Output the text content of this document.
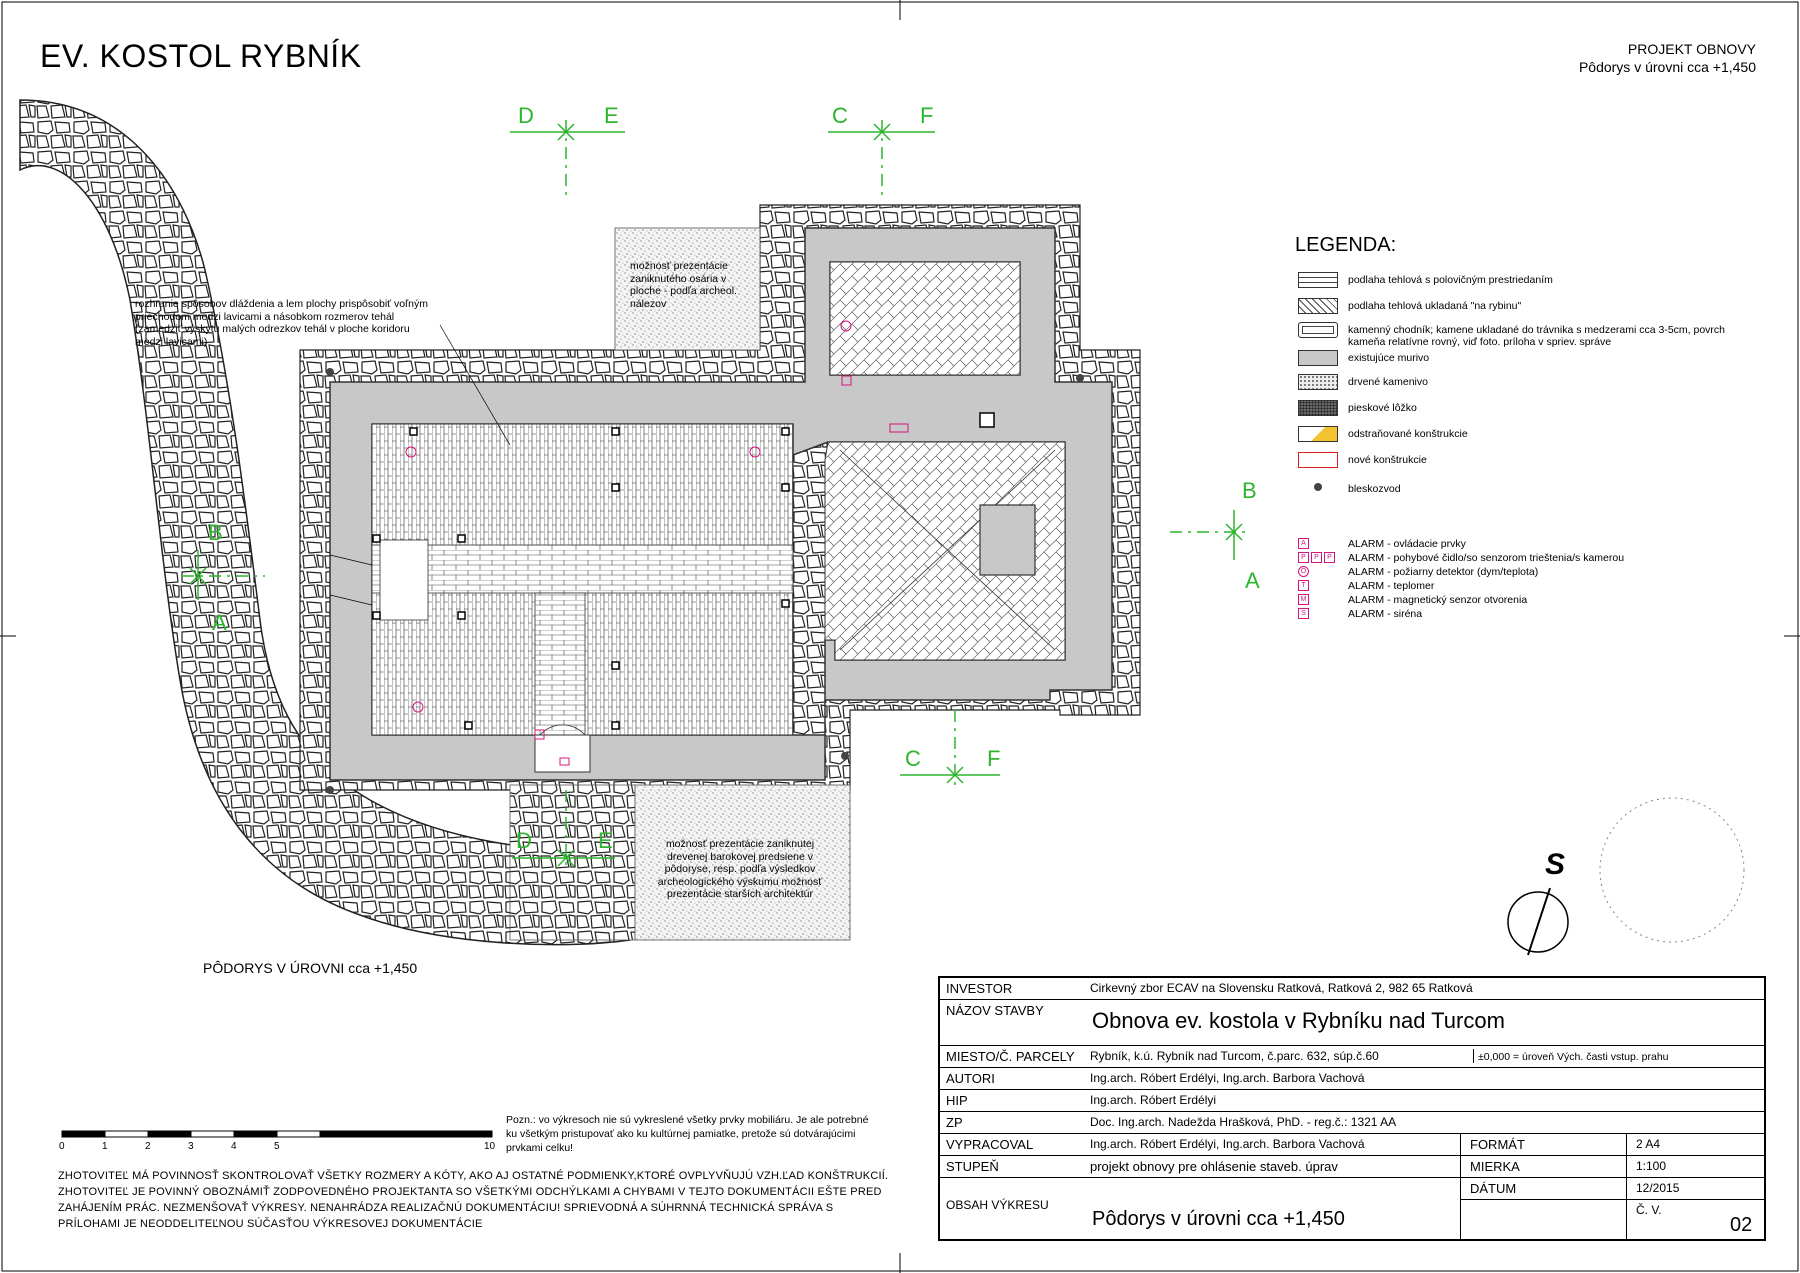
EV. KOSTOL RYBNÍK	PROJEKT OBNOVY
Pôdorys v úrovni cca +1,450
možnosť prezentácie zaniknutého osária v ploche - podľa archeol. nálezov
rozhranie spôsobov dláždenia a lem plochy prispôsobiť voľným priechodom medzi lavicami a násobkom rozmerov tehál (zamedziť výskytu malých odrezkov tehál v ploche koridoru medzi lavicami)
možnosť prezentácie zaniknutej drevenej barokovej predsiene v pôdoryse, resp. podľa výsledkov archeologického výskumu možnosť prezentácie starších architektúr
D	E	C	F
B
A
B
A
C	F
D	E
S
LEGENDA:
podlaha tehlová s polovičným prestriedaním
podlaha tehlová ukladaná "na rybinu"
kamenný chodník; kamene ukladané do trávnika s medzerami cca 3-5cm, povrch kameňa relatívne rovný, viď foto. príloha v spriev. správe
existujúce murivo
drvené kamenivo
pieskové lôžko
odstraňované konštrukcie
nové konštrukcie
bleskozvod
A	ALARM - ovládacie prvky
P	P	P	ALARM - pohybové čidlo/so senzorom trieštenia/s kamerou
O	ALARM - požiarny detektor (dym/teplota)
T	ALARM - teplomer
M	ALARM - magnetický senzor otvorenia
S	ALARM - siréna
PÔDORYS V ÚROVNI cca +1,450
0	1	2	3	4	5	10
Pozn.: vo výkresoch nie sú vykreslené všetky prvky mobiliáru. Je ale potrebné ku všetkým pristupovať ako ku kultúrnej pamiatke, pretože sú dotvárajúcimi prvkami celku!
ZHOTOVITEĽ MÁ POVINNOSŤ SKONTROLOVAŤ VŠETKY ROZMERY A KÓTY, AKO AJ OSTATNÉ PODMIENKY,KTORÉ OVPLYVŇUJÚ VZH.ĽAD KONŠTRUKCIÍ. ZHOTOVITEĽ JE POVINNÝ OBOZNÁMIŤ ZODPOVEDNÉHO PROJEKTANTA SO VŠETKÝMI ODCHÝLKAMI A CHYBAMI V TEJTO DOKUMENTÁCII EŠTE PRED ZAHÁJENÍM PRÁC. NEZMENŠOVAŤ VÝKRESY. NENAHRÁDZA REALIZAČNÚ DOKUMENTÁCIU! SPRIEVODNÁ A SÚHRNNÁ TECHNICKÁ SPRÁVA S PRÍLOHAMI JE NEODDELITEĽNOU SÚČASŤOU VÝKRESOVEJ DOKUMENTÁCIE
INVESTOR	Cirkevný zbor ECAV na Slovensku Ratková, Ratková 2, 982 65 Ratková
NÁZOV STAVBY Obnova ev. kostola v Rybníku nad Turcom
MIESTO/Č. PARCELY Rybník, k.ú. Rybník nad Turcom, č.parc. 632, súp.č.60	±0,000 = úroveň Vých. časti vstup. prahu
AUTORI	Ing.arch. Róbert Erdélyi, Ing.arch. Barbora Vachová
HIP	Ing.arch. Róbert Erdélyi
ZP	Doc. Ing.arch. Nadežda Hrašková, PhD. - reg.č.: 1321 AA
VYPRACOVAL	Ing.arch. Róbert Erdélyi, Ing.arch. Barbora Vachová
STUPEŇ	projekt obnovy pre ohlásenie staveb. úprav
OBSAH VÝKRESU
Pôdorys v úrovni cca +1,450
FORMÁT	2 A4
MIERKA	1:100
DÁTUM	12/2015
Č. V.
02
